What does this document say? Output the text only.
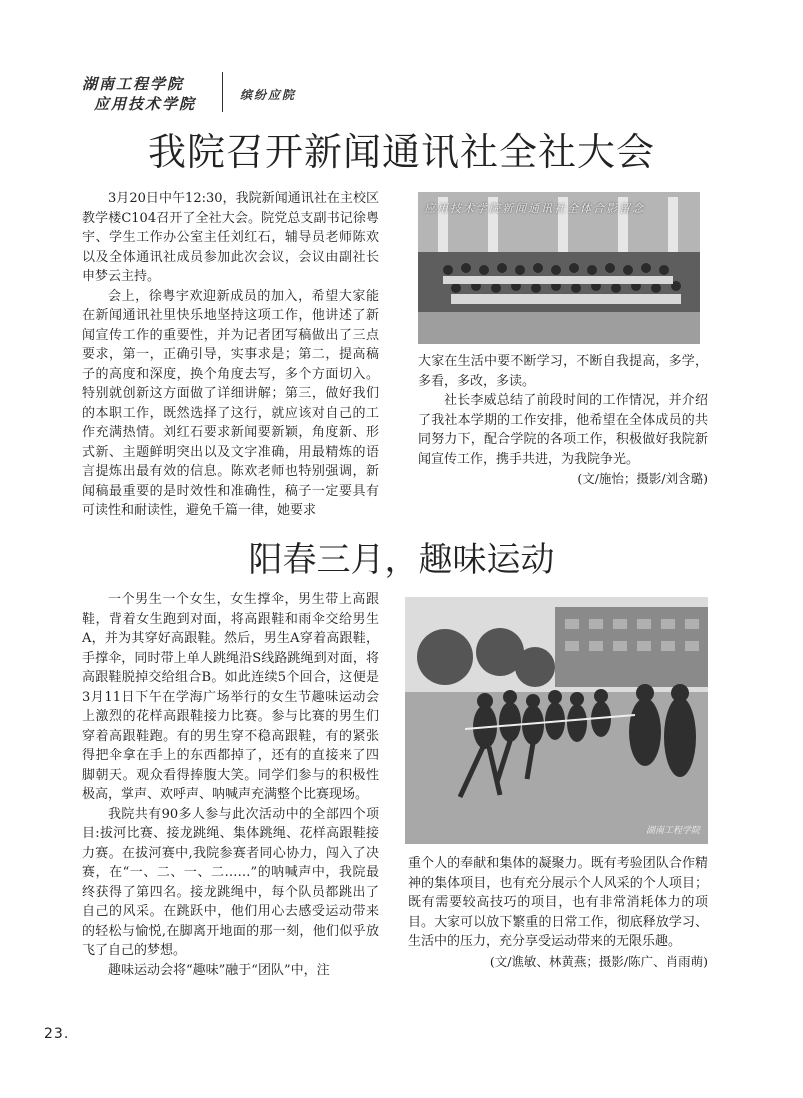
湖南工程学院
应用技术学院	缤纷应院
我院召开新闻通讯社全社大会

3月20日中午12:30，我院新闻通讯社在主校区教学楼C104召开了全社大会。院党总支副书记徐粤宇、学生工作办公室主任刘红石，辅导员老师陈欢以及全体通讯社成员参加此次会议，会议由副社长申梦云主持。

会上，徐粤宇欢迎新成员的加入，希望大家能在新闻通讯社里快乐地坚持这项工作，他讲述了新闻宣传工作的重要性，并为记者团写稿做出了三点要求，第一，正确引导，实事求是；第二，提高稿子的高度和深度，换个角度去写，多个方面切入。特别就创新这方面做了详细讲解；第三，做好我们的本职工作，既然选择了这行，就应该对自己的工作充满热情。刘红石要求新闻要新颖，角度新、形式新、主题鲜明突出以及文字准确，用最精炼的语言提炼出最有效的信息。陈欢老师也特别强调，新闻稿最重要的是时效性和准确性，稿子一定要具有可读性和耐读性，避免千篇一律，她要求

应用技术学院新闻通讯社全体合影留念

大家在生活中要不断学习，不断自我提高，多学，多看，多改，多读。

社长李威总结了前段时间的工作情况，并介绍了我社本学期的工作安排，他希望在全体成员的共同努力下，配合学院的各项工作，积极做好我院新闻宣传工作，携手共进，为我院争光。

(文/施怡；摄影/刘含璐)

阳春三月，趣味运动

一个男生一个女生，女生撑伞，男生带上高跟鞋，背着女生跑到对面，将高跟鞋和雨伞交给男生A，并为其穿好高跟鞋。然后，男生A穿着高跟鞋，手撑伞，同时带上单人跳绳沿S线路跳绳到对面，将高跟鞋脱掉交给组合B。如此连续5个回合，这便是3月11日下午在学海广场举行的女生节趣味运动会上激烈的花样高跟鞋接力比赛。参与比赛的男生们穿着高跟鞋跑。有的男生穿不稳高跟鞋，有的紧张得把伞拿在手上的东西都掉了，还有的直接来了四脚朝天。观众看得捧腹大笑。同学们参与的积极性极高，掌声、欢呼声、呐喊声充满整个比赛现场。

我院共有90多人参与此次活动中的全部四个项目:拔河比赛、接龙跳绳、集体跳绳、花样高跟鞋接力赛。在拔河赛中,我院参赛者同心协力，闯入了决赛，在“一、二、一、二……”的呐喊声中，我院最终获得了第四名。接龙跳绳中，每个队员都跳出了自己的风采。在跳跃中，他们用心去感受运动带来的轻松与愉悦,在脚离开地面的那一刻，他们似乎放飞了自己的梦想。

趣味运动会将“趣味”融于“团队”中，注

湖南工程学院

重个人的奉献和集体的凝聚力。既有考验团队合作精神的集体项目，也有充分展示个人风采的个人项目；既有需要较高技巧的项目，也有非常消耗体力的项目。大家可以放下繁重的日常工作，彻底释放学习、生活中的压力，充分享受运动带来的无限乐趣。

(文/谯敏、林黄燕；摄影/陈广、肖雨萌)

23.
